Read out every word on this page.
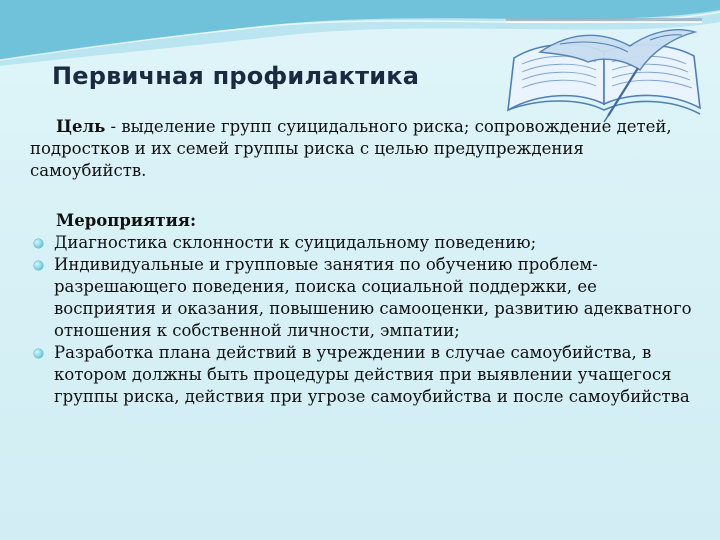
Первичная профилактика

Цель - выделение групп суицидального риска; сопровождение детей, подростков и их семей группы риска с целью предупреждения самоубийств.

Мероприятия:

Диагностика склонности к суицидальному поведению;
Индивидуальные и групповые занятия по обучению проблем-разрешающего поведения, поиска социальной поддержки, ее восприятия и оказания, повышению самооценки, развитию адекватного отношения к собственной личности, эмпатии;
Разработка плана действий в учреждении в случае самоубийства, в котором должны быть процедуры действия при выявлении учащегося группы риска, действия при угрозе самоубийства и после самоубийства
